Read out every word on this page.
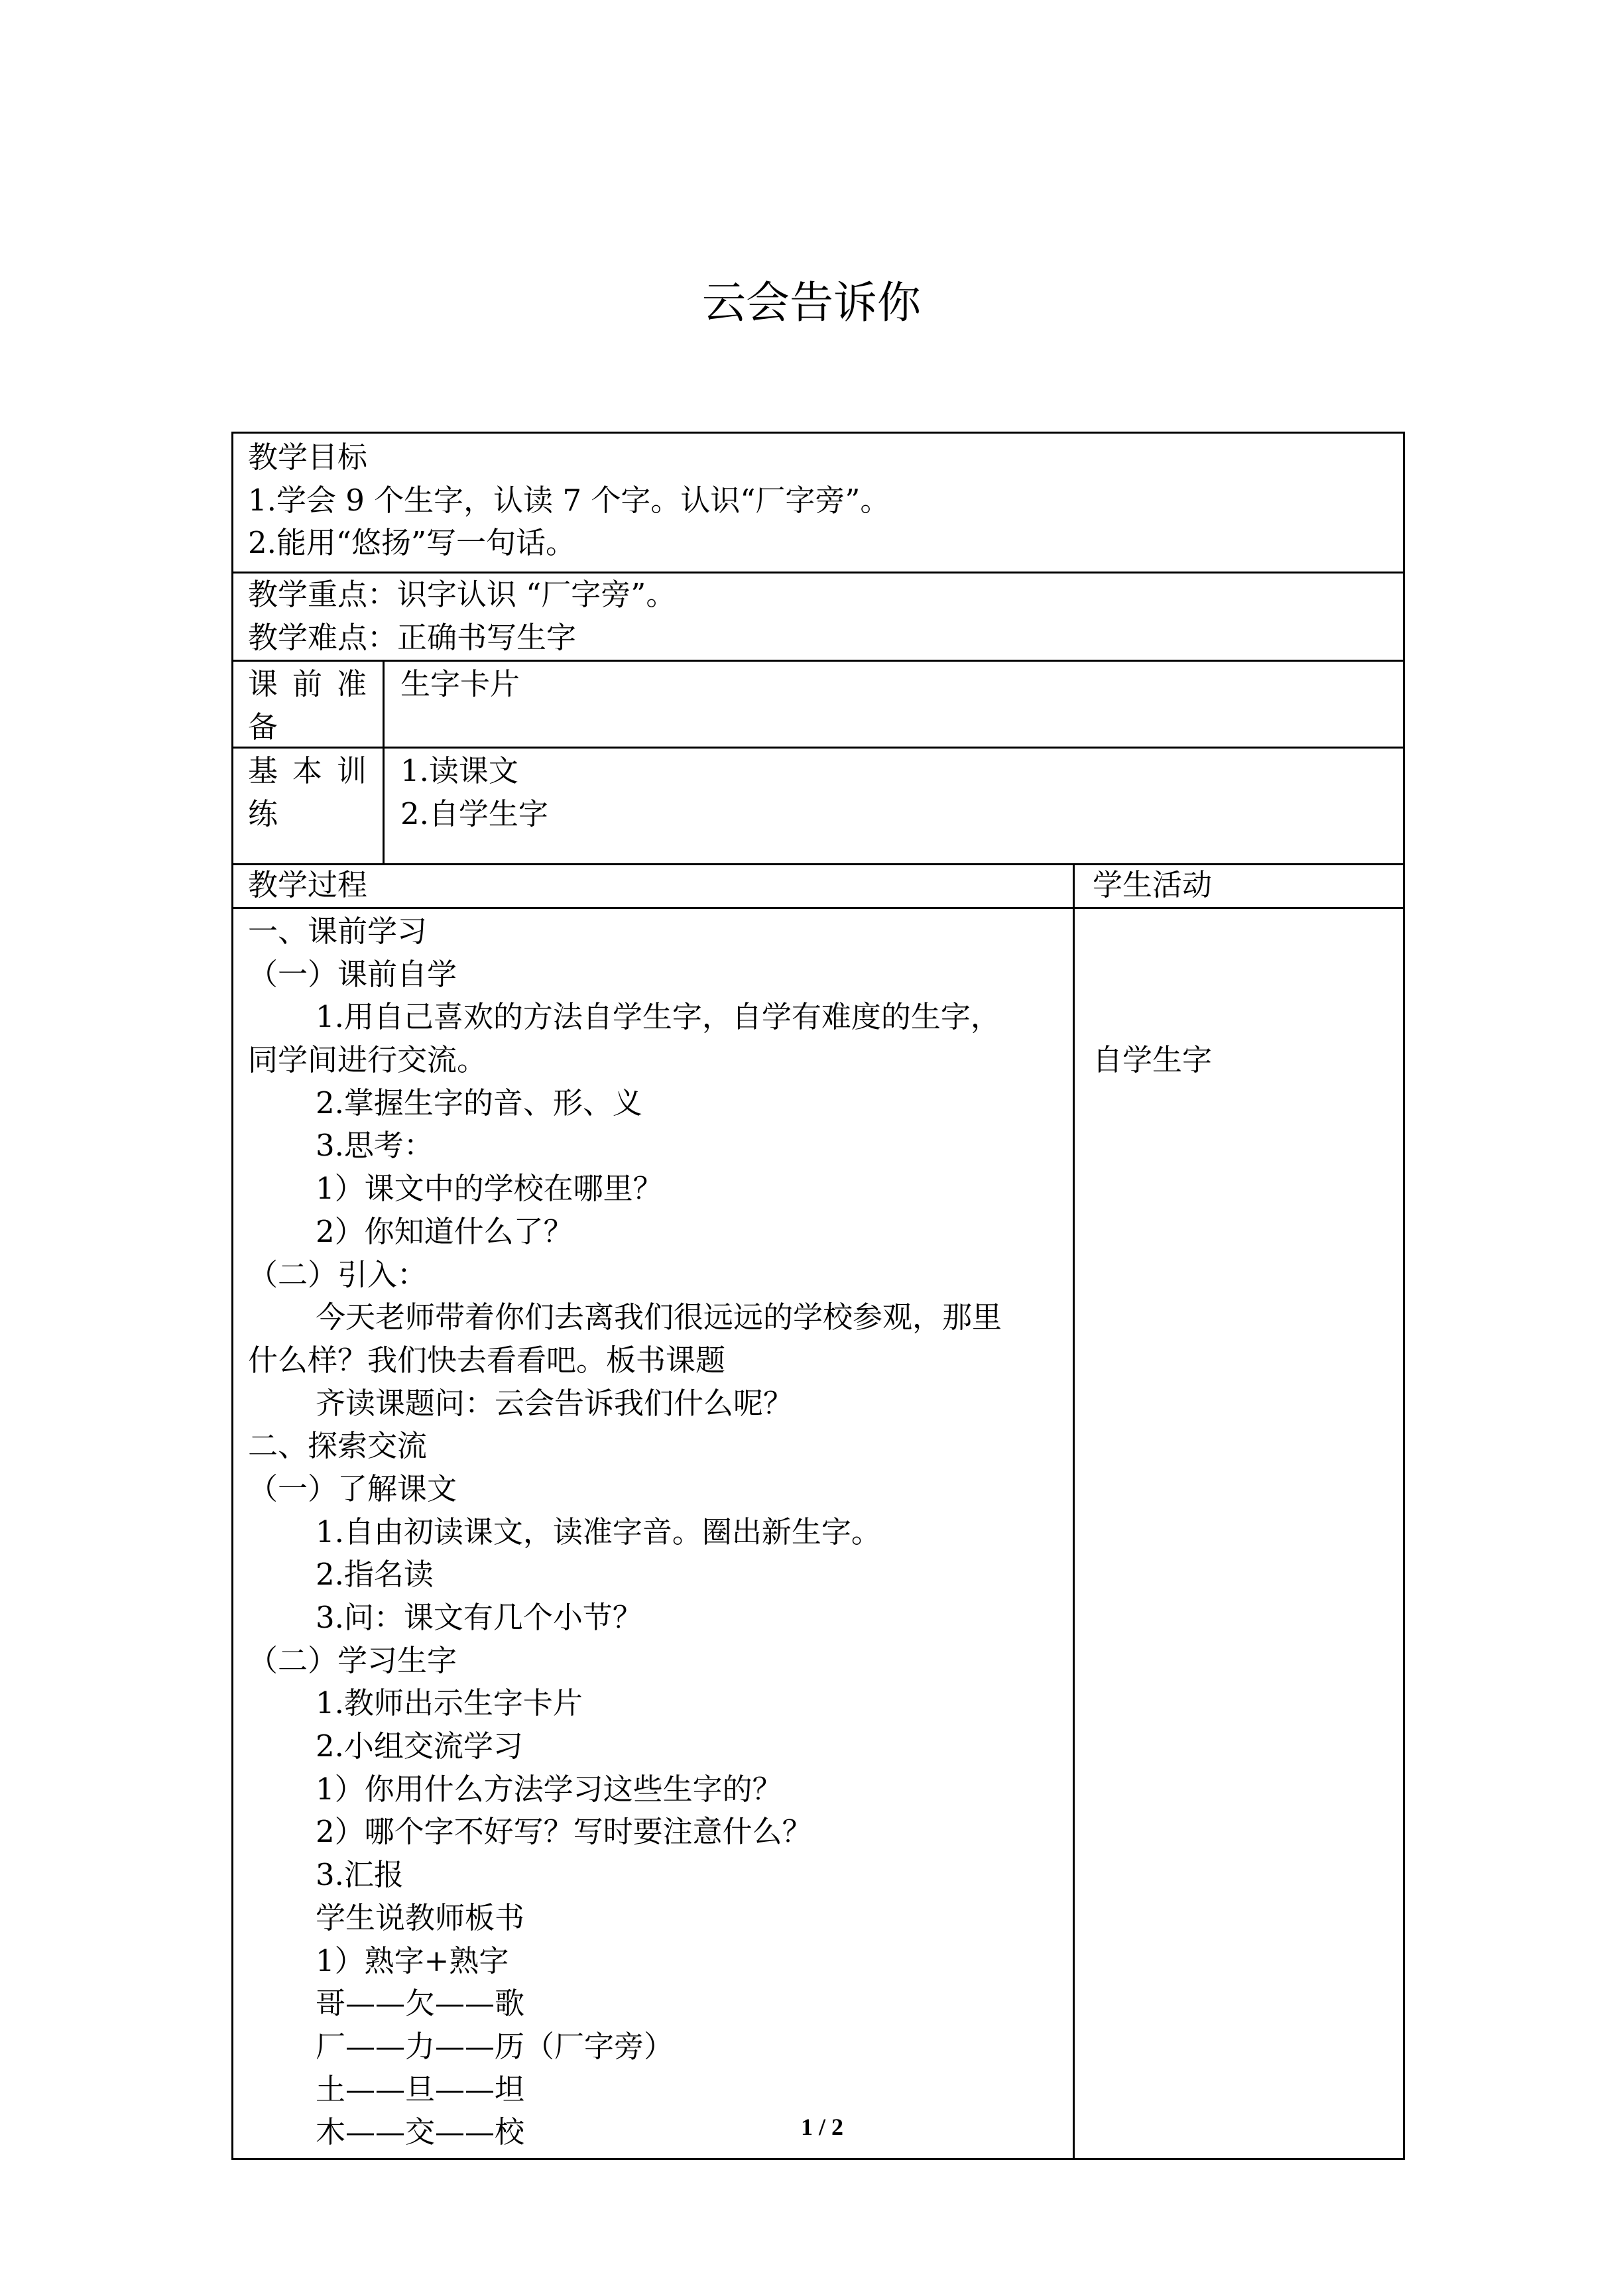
云会告诉你
教学目标
1.学会 9 个生字，认读 7 个字。认识“厂字旁”。
2.能用“悠扬”写一句话。
教学重点：识字认识 “厂字旁”。
教学难点：正确书写生字
课前准
备
生字卡片
基本训
练
1.读课文
2.自学生字
教学过程	学生活动
一、课前学习
（一）课前自学
1.用自己喜欢的方法自学生字，自学有难度的生字，
同学间进行交流。
2.掌握生字的音、形、义
3.思考：
1）课文中的学校在哪里？
2）你知道什么了？
（二）引入：
今天老师带着你们去离我们很远远的学校参观，那里
什么样？我们快去看看吧。板书课题
齐读课题问：云会告诉我们什么呢？
二、探索交流
（一）了解课文
1.自由初读课文，读准字音。圈出新生字。
2.指名读
3.问：课文有几个小节？
（二）学习生字
1.教师出示生字卡片
2.小组交流学习
1）你用什么方法学习这些生字的？
2）哪个字不好写？写时要注意什么？
3.汇报
学生说教师板书
1）熟字+熟字
哥——欠——歌
厂——力——历（厂字旁）
土——旦——坦
木——交——校
自学生字
1 / 2
